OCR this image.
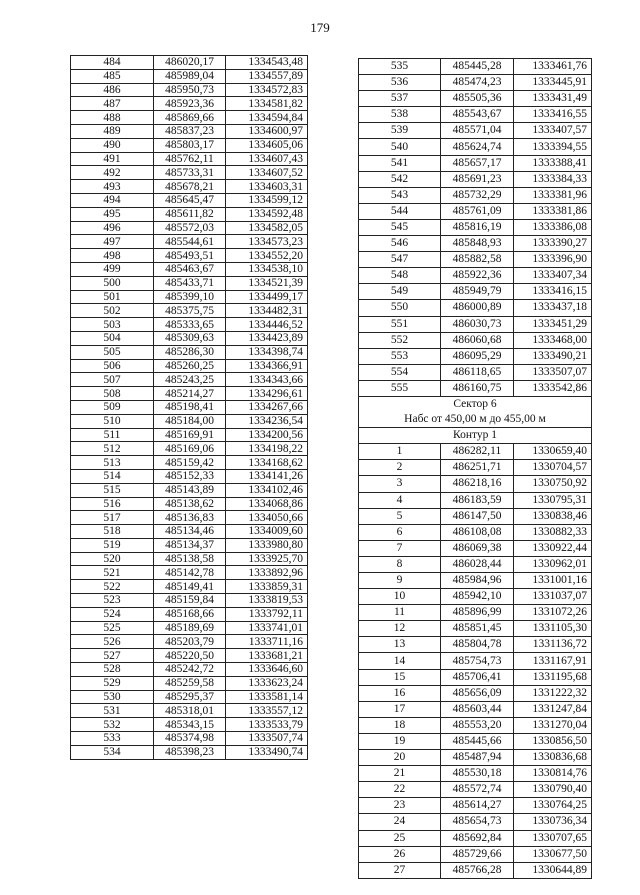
179
484	486020,17	1334543,48
485	485989,04	1334557,89
486	485950,73	1334572,83
487	485923,36	1334581,82
488	485869,66	1334594,84
489	485837,23	1334600,97
490	485803,17	1334605,06
491	485762,11	1334607,43
492	485733,31	1334607,52
493	485678,21	1334603,31
494	485645,47	1334599,12
495	485611,82	1334592,48
496	485572,03	1334582,05
497	485544,61	1334573,23
498	485493,51	1334552,20
499	485463,67	1334538,10
500	485433,71	1334521,39
501	485399,10	1334499,17
502	485375,75	1334482,31
503	485333,65	1334446,52
504	485309,63	1334423,89
505	485286,30	1334398,74
506	485260,25	1334366,91
507	485243,25	1334343,66
508	485214,27	1334296,61
509	485198,41	1334267,66
510	485184,00	1334236,54
511	485169,91	1334200,56
512	485169,06	1334198,22
513	485159,42	1334168,62
514	485152,33	1334141,26
515	485143,89	1334102,46
516	485138,62	1334068,86
517	485136,83	1334050,66
518	485134,46	1334009,60
519	485134,37	1333980,80
520	485138,58	1333925,70
521	485142,78	1333892,96
522	485149,41	1333859,31
523	485159,84	1333819,53
524	485168,66	1333792,11
525	485189,69	1333741,01
526	485203,79	1333711,16
527	485220,50	1333681,21
528	485242,72	1333646,60
529	485259,58	1333623,24
530	485295,37	1333581,14
531	485318,01	1333557,12
532	485343,15	1333533,79
533	485374,98	1333507,74
534	485398,23	1333490,74
535	485445,28	1333461,76
536	485474,23	1333445,91
537	485505,36	1333431,49
538	485543,67	1333416,55
539	485571,04	1333407,57
540	485624,74	1333394,55
541	485657,17	1333388,41
542	485691,23	1333384,33
543	485732,29	1333381,96
544	485761,09	1333381,86
545	485816,19	1333386,08
546	485848,93	1333390,27
547	485882,58	1333396,90
548	485922,36	1333407,34
549	485949,79	1333416,15
550	486000,89	1333437,18
551	486030,73	1333451,29
552	486060,68	1333468,00
553	486095,29	1333490,21
554	486118,65	1333507,07
555	486160,75	1333542,86
Сектор 6		
Набс от 450,00 м до 455,00 м		
Контур 1		
1	486282,11	1330659,40
2	486251,71	1330704,57
3	486218,16	1330750,92
4	486183,59	1330795,31
5	486147,50	1330838,46
6	486108,08	1330882,33
7	486069,38	1330922,44
8	486028,44	1330962,01
9	485984,96	1331001,16
10	485942,10	1331037,07
11	485896,99	1331072,26
12	485851,45	1331105,30
13	485804,78	1331136,72
14	485754,73	1331167,91
15	485706,41	1331195,68
16	485656,09	1331222,32
17	485603,44	1331247,84
18	485553,20	1331270,04
19	485445,66	1330856,50
20	485487,94	1330836,68
21	485530,18	1330814,76
22	485572,74	1330790,40
23	485614,27	1330764,25
24	485654,73	1330736,34
25	485692,84	1330707,65
26	485729,66	1330677,50
27	485766,28	1330644,89
